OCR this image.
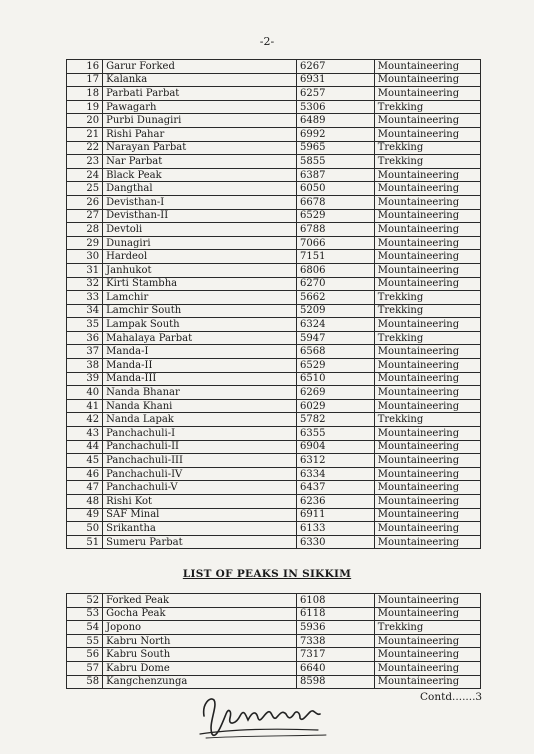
-2-
16	Garur Forked	6267	Mountaineering
17	Kalanka	6931	Mountaineering
18	Parbati Parbat	6257	Mountaineering
19	Pawagarh	5306	Trekking
20	Purbi Dunagiri	6489	Mountaineering
21	Rishi Pahar	6992	Mountaineering
22	Narayan Parbat	5965	Trekking
23	Nar Parbat	5855	Trekking
24	Black Peak	6387	Mountaineering
25	Dangthal	6050	Mountaineering
26	Devisthan-I	6678	Mountaineering
27	Devisthan-II	6529	Mountaineering
28	Devtoli	6788	Mountaineering
29	Dunagiri	7066	Mountaineering
30	Hardeol	7151	Mountaineering
31	Janhukot	6806	Mountaineering
32	Kirti Stambha	6270	Mountaineering
33	Lamchir	5662	Trekking
34	Lamchir South	5209	Trekking
35	Lampak South	6324	Mountaineering
36	Mahalaya Parbat	5947	Trekking
37	Manda-I	6568	Mountaineering
38	Manda-II	6529	Mountaineering
39	Manda-III	6510	Mountaineering
40	Nanda Bhanar	6269	Mountaineering
41	Nanda Khani	6029	Mountaineering
42	Nanda Lapak	5782	Trekking
43	Panchachuli-I	6355	Mountaineering
44	Panchachuli-II	6904	Mountaineering
45	Panchachuli-III	6312	Mountaineering
46	Panchachuli-IV	6334	Mountaineering
47	Panchachuli-V	6437	Mountaineering
48	Rishi Kot	6236	Mountaineering
49	SAF Minal	6911	Mountaineering
50	Srikantha	6133	Mountaineering
51	Sumeru Parbat	6330	Mountaineering
LIST OF PEAKS IN SIKKIM
52	Forked Peak	6108	Mountaineering
53	Gocha Peak	6118	Mountaineering
54	Jopono	5936	Trekking
55	Kabru North	7338	Mountaineering
56	Kabru South	7317	Mountaineering
57	Kabru Dome	6640	Mountaineering
58	Kangchenzunga	8598	Mountaineering
Contd.......3
